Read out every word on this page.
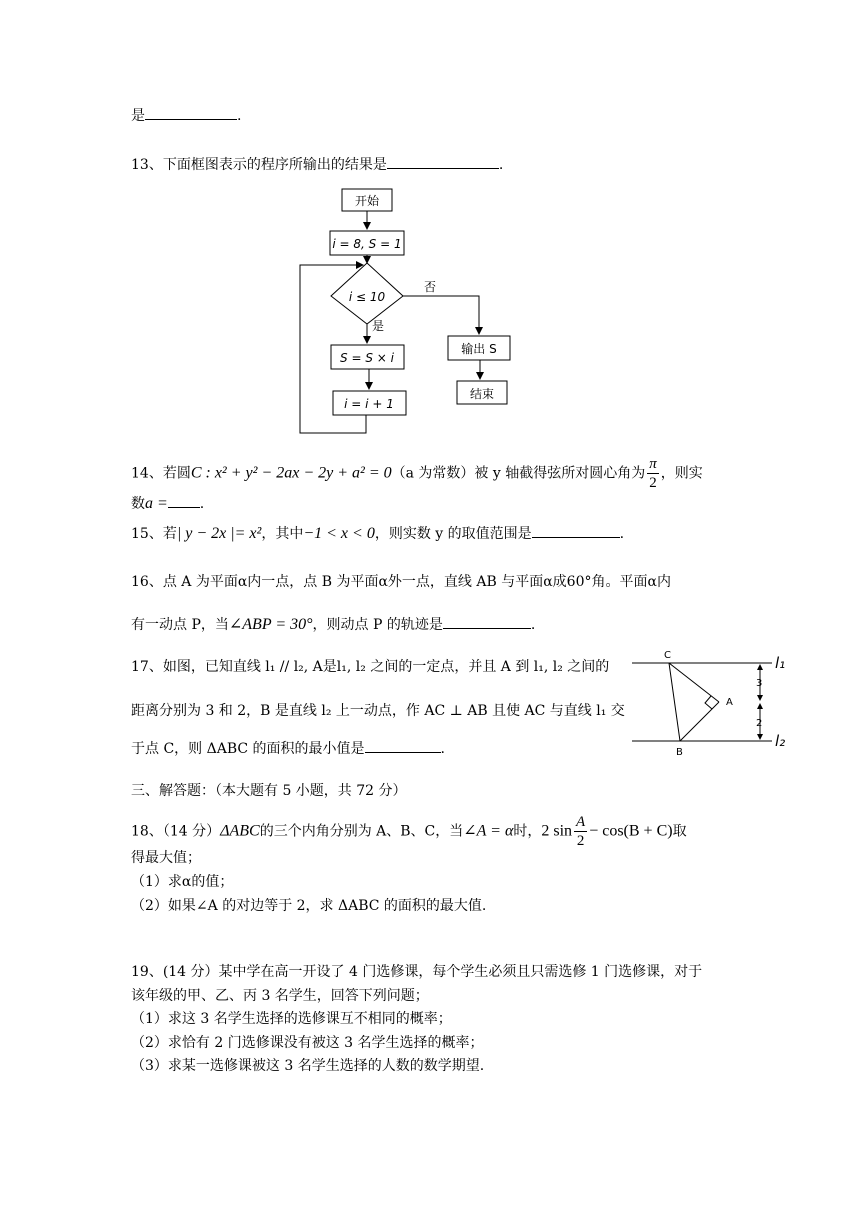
是	.
13、下面框图表示的程序所输出的结果是	.
开始
i = 8, S = 1
i ≤ 10
否
是
S = S × i
i = i + 1
输出 S
结束
14、若圆C : x² + y² − 2ax − 2y + a² = 0（a 为常数）被 y 轴截得弦所对圆心角为 $\frac{\pi}{2}$ ，则实
数a = .
15、若| y − 2x |= x²，其中−1 < x < 0，则实数 y 的取值范围是	.
16、点 A 为平面α内一点，点 B 为平面α外一点，直线 AB 与平面α成60°角。平面α内
有一动点 P，当∠ABP = 30°，则动点 P 的轨迹是	.
17、如图，已知直线 l₁ // l₂, A是l₁, l₂ 之间的一定点，并且 A 到 l₁, l₂ 之间的
距离分别为 3 和 2，B 是直线 l₂ 上一动点，作 AC ⊥ AB 且使 AC 与直线 l₁ 交
于点 C，则 ΔABC 的面积的最小值是	.
C
A
B
l₁
l₂
3
2
三、解答题：（本大题有 5 小题，共 72 分）
18、（14 分）ΔABC的三个内角分别为 A、B、C，当∠A = α时，2 $\sin \frac{A}{2} - \cos(B + C)$取
得最大值；
（1）求α的值；
（2）如果∠A 的对边等于 2，求 ΔABC 的面积的最大值.
19、(14 分）某中学在高一开设了 4 门选修课，每个学生必须且只需选修 1 门选修课，对于
该年级的甲、乙、丙 3 名学生，回答下列问题；
（1）求这 3 名学生选择的选修课互不相同的概率；
（2）求恰有 2 门选修课没有被这 3 名学生选择的概率；
（3）求某一选修课被这 3 名学生选择的人数的数学期望.
